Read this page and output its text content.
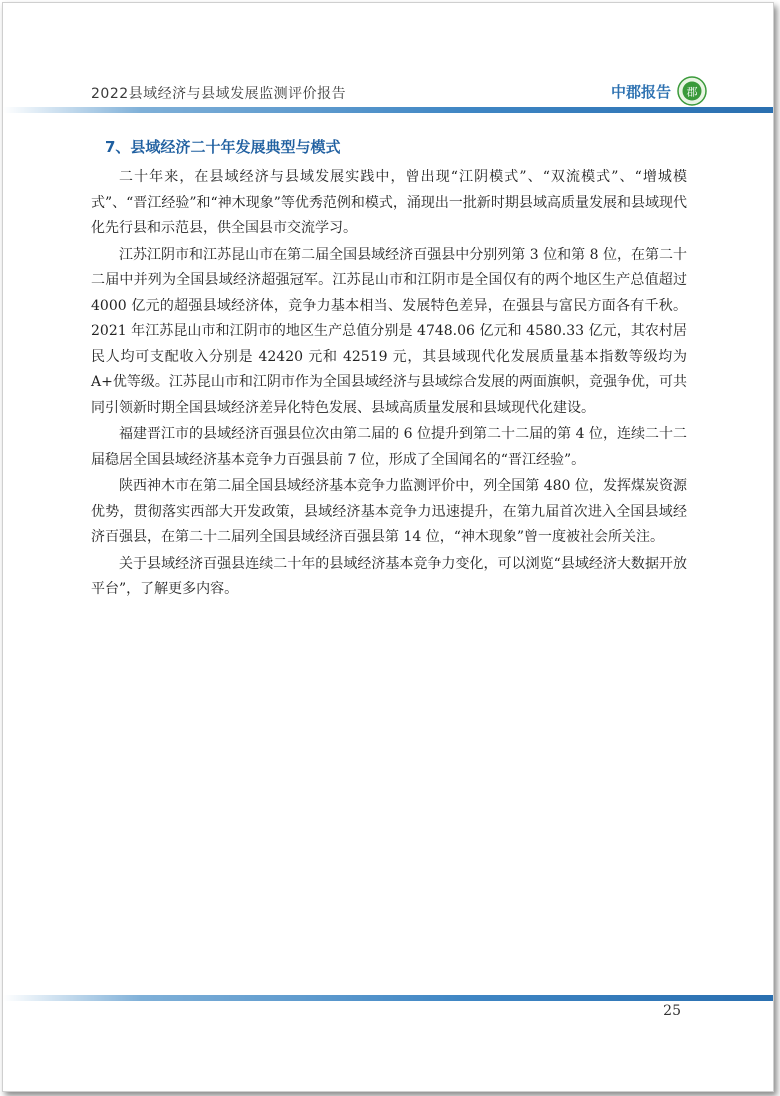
2022县域经济与县域发展监测评价报告	中郡报告 郡
7、县域经济二十年发展典型与模式

二十年来，在县域经济与县域发展实践中，曾出现“江阴模式”、“双流模式”、“增城模式”、“晋江经验”和“神木现象”等优秀范例和模式，涌现出一批新时期县域高质量发展和县域现代化先行县和示范县，供全国县市交流学习。

江苏江阴市和江苏昆山市在第二届全国县域经济百强县中分别列第 3 位和第 8 位，在第二十二届中并列为全国县域经济超强冠军。江苏昆山市和江阴市是全国仅有的两个地区生产总值超过 4000 亿元的超强县域经济体，竞争力基本相当、发展特色差异，在强县与富民方面各有千秋。2021 年江苏昆山市和江阴市的地区生产总值分别是 4748.06 亿元和 4580.33 亿元，其农村居民人均可支配收入分别是 42420 元和 42519 元，其县域现代化发展质量基本指数等级均为 A+优等级。江苏昆山市和江阴市作为全国县域经济与县域综合发展的两面旗帜，竞强争优，可共同引领新时期全国县域经济差异化特色发展、县域高质量发展和县域现代化建设。

福建晋江市的县域经济百强县位次由第二届的 6 位提升到第二十二届的第 4 位，连续二十二届稳居全国县域经济基本竞争力百强县前 7 位，形成了全国闻名的“晋江经验”。

陕西神木市在第二届全国县域经济基本竞争力监测评价中，列全国第 480 位，发挥煤炭资源优势，贯彻落实西部大开发政策，县域经济基本竞争力迅速提升，在第九届首次进入全国县域经济百强县，在第二十二届列全国县域经济百强县第 14 位，“神木现象”曾一度被社会所关注。

关于县域经济百强县连续二十年的县域经济基本竞争力变化，可以浏览“县域经济大数据开放平台”，了解更多内容。

25
